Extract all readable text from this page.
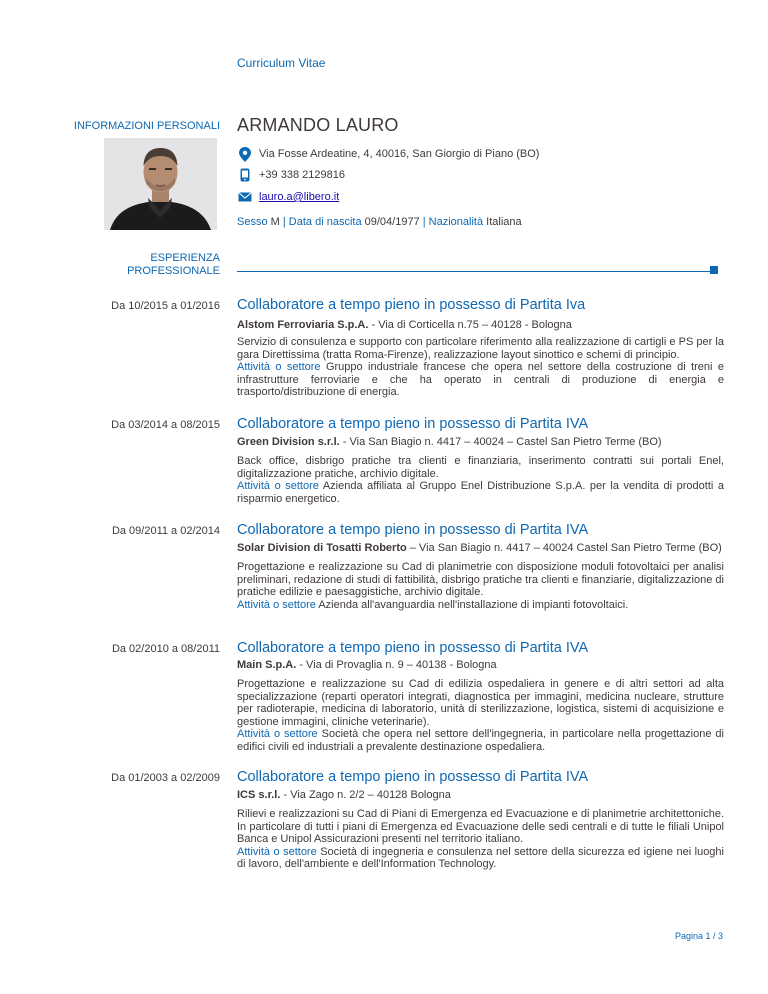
Curriculum Vitae
INFORMAZIONI PERSONALI ARMANDO LAURO
Via Fosse Ardeatine, 4, 40016, San Giorgio di Piano (BO)
+39 338 2129816
lauro.a@libero.it
Sesso M | Data di nascita 09/04/1977 | Nazionalità Italiana
ESPERIENZA
PROFESSIONALE
Da 10/2015 a 01/2016 Collaboratore a tempo pieno in possesso di Partita Iva
Alstom Ferroviaria S.p.A. - Via di Corticella n.75 – 40128 - Bologna
Servizio di consulenza e supporto con particolare riferimento alla realizzazione di cartigli e PS per la gara Direttissima (tratta Roma-Firenze), realizzazione layout sinottico e schemi di principio.
Attività o settore Gruppo industriale francese che opera nel settore della costruzione di treni e infrastrutture ferroviarie e che ha operato in centrali di produzione di energia e trasporto/distribuzione di energia.
Da 03/2014 a 08/2015 Collaboratore a tempo pieno in possesso di Partita IVA
Green Division s.r.l. - Via San Biagio n. 4417 – 40024 – Castel San Pietro Terme (BO)
Back office, disbrigo pratiche tra clienti e finanziaria, inserimento contratti sui portali Enel, digitalizzazione pratiche, archivio digitale.
Attività o settore Azienda affiliata al Gruppo Enel Distribuzione S.p.A. per la vendita di prodotti a risparmio energetico.
Da 09/2011 a 02/2014 Collaboratore a tempo pieno in possesso di Partita IVA
Solar Division di Tosatti Roberto – Via San Biagio n. 4417 – 40024 Castel San Pietro Terme (BO)
Progettazione e realizzazione su Cad di planimetrie con disposizione moduli fotovoltaici per analisi preliminari, redazione di studi di fattibilità, disbrigo pratiche tra clienti e finanziarie, digitalizzazione di pratiche edilizie e paesaggistiche, archivio digitale.
Attività o settore Azienda all'avanguardia nell'installazione di impianti fotovoltaici.
Da 02/2010 a 08/2011 Collaboratore a tempo pieno in possesso di Partita IVA
Main S.p.A. - Via di Provaglia n. 9 – 40138 - Bologna
Progettazione e realizzazione su Cad di edilizia ospedaliera in genere e di altri settori ad alta specializzazione (reparti operatori integrati, diagnostica per immagini, medicina nucleare, strutture per radioterapie, medicina di laboratorio, unità di sterilizzazione, logistica, sistemi di acquisizione e gestione immagini, cliniche veterinarie).
Attività o settore Società che opera nel settore dell'ingegneria, in particolare nella progettazione di edifici civili ed industriali a prevalente destinazione ospedaliera.
Da 01/2003 a 02/2009 Collaboratore a tempo pieno in possesso di Partita IVA
ICS s.r.l. - Via Zago n. 2/2 – 40128 Bologna
Rilievi e realizzazioni su Cad di Piani di Emergenza ed Evacuazione e di planimetrie architettoniche. In particolare di tutti i piani di Emergenza ed Evacuazione delle sedi centrali e di tutte le filiali Unipol Banca e Unipol Assicurazioni presenti nel territorio italiano.
Attività o settore Società di ingegneria e consulenza nel settore della sicurezza ed igiene nei luoghi di lavoro, dell'ambiente e dell'Information Technology.
Pagina 1 / 3
